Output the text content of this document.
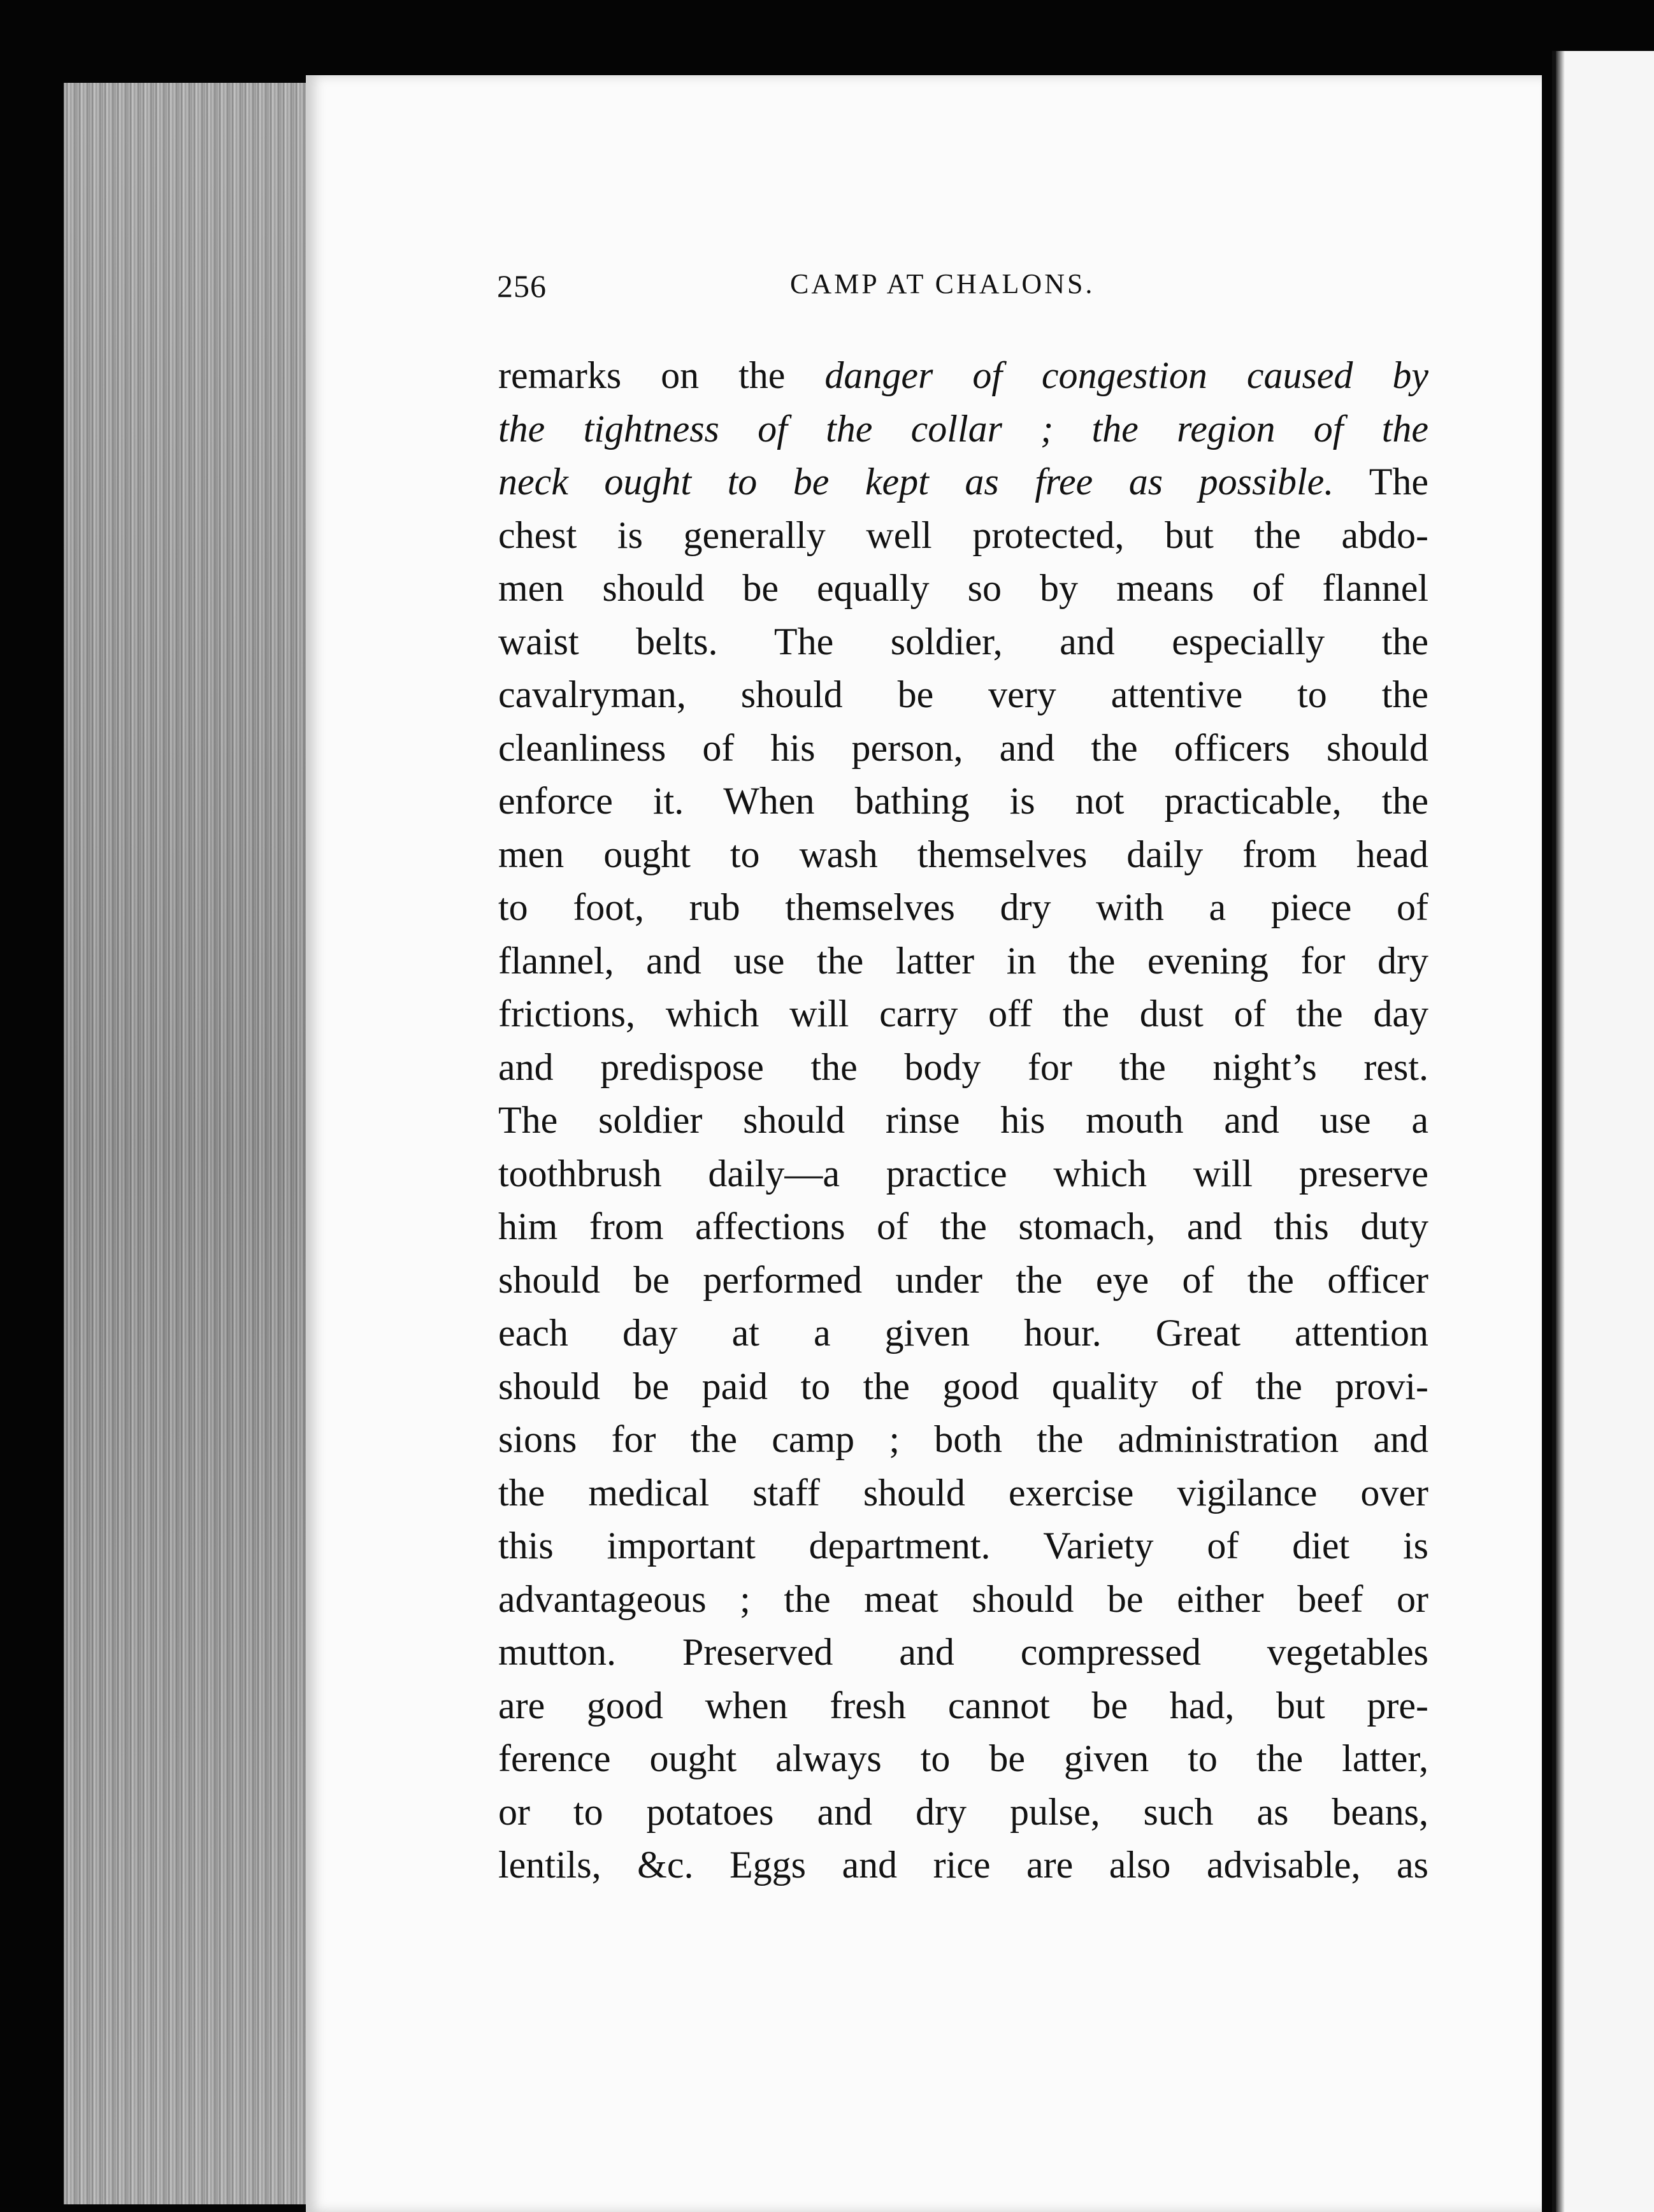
256	CAMP AT CHALONS.
remarks on the danger of congestion caused by
the tightness of the collar ; the region of the
neck ought to be kept as free as possible. The
chest is generally well protected, but the abdo-
men should be equally so by means of flannel
waist belts. The soldier, and especially the
cavalryman, should be very attentive to the
cleanliness of his person, and the officers should
enforce it. When bathing is not practicable, the
men ought to wash themselves daily from head
to foot, rub themselves dry with a piece of
flannel, and use the latter in the evening for dry
frictions, which will carry off the dust of the day
and predispose the body for the night’s rest.
The soldier should rinse his mouth and use a
toothbrush daily—a practice which will preserve
him from affections of the stomach, and this duty
should be performed under the eye of the officer
each day at a given hour. Great attention
should be paid to the good quality of the provi-
sions for the camp ; both the administration and
the medical staff should exercise vigilance over
this important department. Variety of diet is
advantageous ; the meat should be either beef or
mutton. Preserved and compressed vegetables
are good when fresh cannot be had, but pre-
ference ought always to be given to the latter,
or to potatoes and dry pulse, such as beans,
lentils, &c. Eggs and rice are also advisable, as
